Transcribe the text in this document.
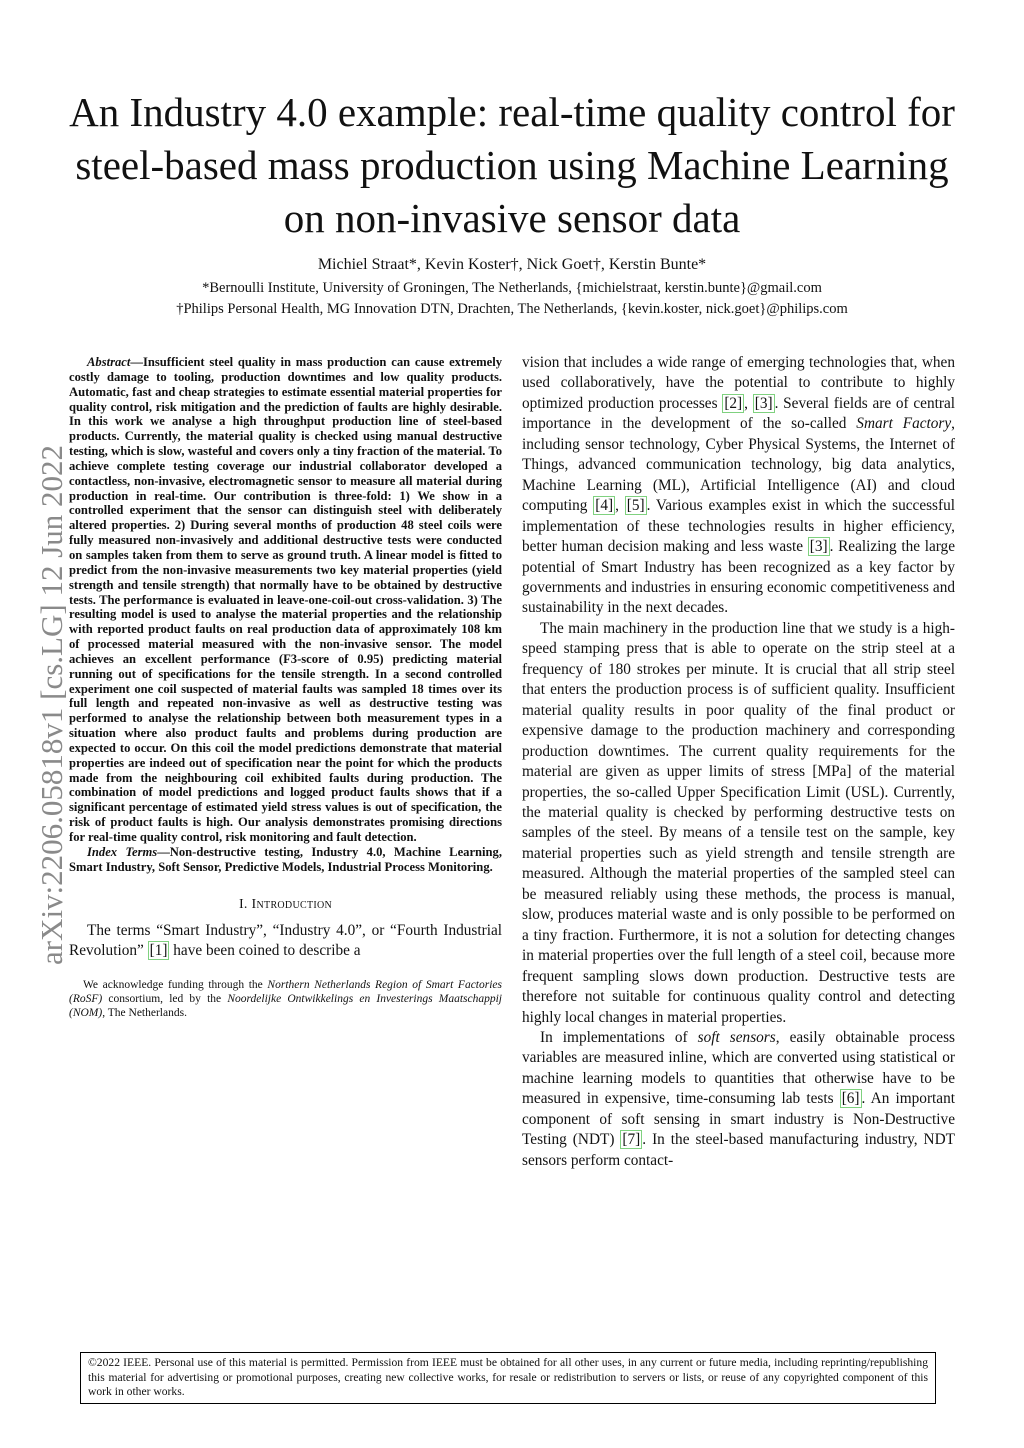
arXiv:2206.05818v1 [cs.LG] 12 Jun 2022
An Industry 4.0 example: real-time quality control for steel-based mass production using Machine Learning on non-invasive sensor data
Michiel Straat*, Kevin Koster†, Nick Goet†, Kerstin Bunte*
*Bernoulli Institute, University of Groningen, The Netherlands, {michielstraat, kerstin.bunte}@gmail.com
†Philips Personal Health, MG Innovation DTN, Drachten, The Netherlands, {kevin.koster, nick.goet}@philips.com

Abstract—Insufficient steel quality in mass production can cause extremely costly damage to tooling, production downtimes and low quality products. Automatic, fast and cheap strategies to estimate essential material properties for quality control, risk mitigation and the prediction of faults are highly desirable. In this work we analyse a high throughput production line of steel-based products. Currently, the material quality is checked using manual destructive testing, which is slow, wasteful and covers only a tiny fraction of the material. To achieve complete testing coverage our industrial collaborator developed a contactless, non-invasive, electromagnetic sensor to measure all material during production in real-time. Our contribution is three-fold: 1) We show in a controlled experiment that the sensor can distinguish steel with deliberately altered properties. 2) During several months of production 48 steel coils were fully measured non-invasively and additional destructive tests were conducted on samples taken from them to serve as ground truth. A linear model is fitted to predict from the non-invasive measurements two key material properties (yield strength and tensile strength) that normally have to be obtained by destructive tests. The performance is evaluated in leave-one-coil-out cross-validation. 3) The resulting model is used to analyse the material properties and the relationship with reported product faults on real production data of approximately 108 km of processed material measured with the non-invasive sensor. The model achieves an excellent performance (F3-score of 0.95) predicting material running out of specifications for the tensile strength. In a second controlled experiment one coil suspected of material faults was sampled 18 times over its full length and repeated non-invasive as well as destructive testing was performed to analyse the relationship between both measurement types in a situation where also product faults and problems during production are expected to occur. On this coil the model predictions demonstrate that material properties are indeed out of specification near the point for which the products made from the neighbouring coil exhibited faults during production. The combination of model predictions and logged product faults shows that if a significant percentage of estimated yield stress values is out of specification, the risk of product faults is high. Our analysis demonstrates promising directions for real-time quality control, risk monitoring and fault detection.

Index Terms—Non-destructive testing, Industry 4.0, Machine Learning, Smart Industry, Soft Sensor, Predictive Models, Industrial Process Monitoring.

I. Introduction

The terms “Smart Industry”, “Industry 4.0”, or “Fourth Industrial Revolution” [1] have been coined to describe a

We acknowledge funding through the Northern Netherlands Region of Smart Factories (RoSF) consortium, led by the Noordelijke Ontwikkelings en Investerings Maatschappij (NOM), The Netherlands.

vision that includes a wide range of emerging technologies that, when used collaboratively, have the potential to contribute to highly optimized production processes [2] , [3] . Several fields are of central importance in the development of the so-called Smart Factory, including sensor technology, Cyber Physical Systems, the Internet of Things, advanced communication technology, big data analytics, Machine Learning (ML), Artificial Intelligence (AI) and cloud computing [4] , [5] . Various examples exist in which the successful implementation of these technologies results in higher efficiency, better human decision making and less waste [3] . Realizing the large potential of Smart Industry has been recognized as a key factor by governments and industries in ensuring economic competitiveness and sustainability in the next decades.

The main machinery in the production line that we study is a high-speed stamping press that is able to operate on the strip steel at a frequency of 180 strokes per minute. It is crucial that all strip steel that enters the production process is of sufficient quality. Insufficient material quality results in poor quality of the final product or expensive damage to the production machinery and corresponding production downtimes. The current quality requirements for the material are given as upper limits of stress [MPa] of the material properties, the so-called Upper Specification Limit (USL). Currently, the material quality is checked by performing destructive tests on samples of the steel. By means of a tensile test on the sample, key material properties such as yield strength and tensile strength are measured. Although the material properties of the sampled steel can be measured reliably using these methods, the process is manual, slow, produces material waste and is only possible to be performed on a tiny fraction. Furthermore, it is not a solution for detecting changes in material properties over the full length of a steel coil, because more frequent sampling slows down production. Destructive tests are therefore not suitable for continuous quality control and detecting highly local changes in material properties.

In implementations of soft sensors, easily obtainable process variables are measured inline, which are converted using statistical or machine learning models to quantities that otherwise have to be measured in expensive, time-consuming lab tests [6] . An important component of soft sensing in smart industry is Non-Destructive Testing (NDT) [7] . In the steel-based manufacturing industry, NDT sensors perform contact-

©2022 IEEE. Personal use of this material is permitted. Permission from IEEE must be obtained for all other uses, in any current or future media, including reprinting/republishing this material for advertising or promotional purposes, creating new collective works, for resale or redistribution to servers or lists, or reuse of any copyrighted component of this work in other works.
